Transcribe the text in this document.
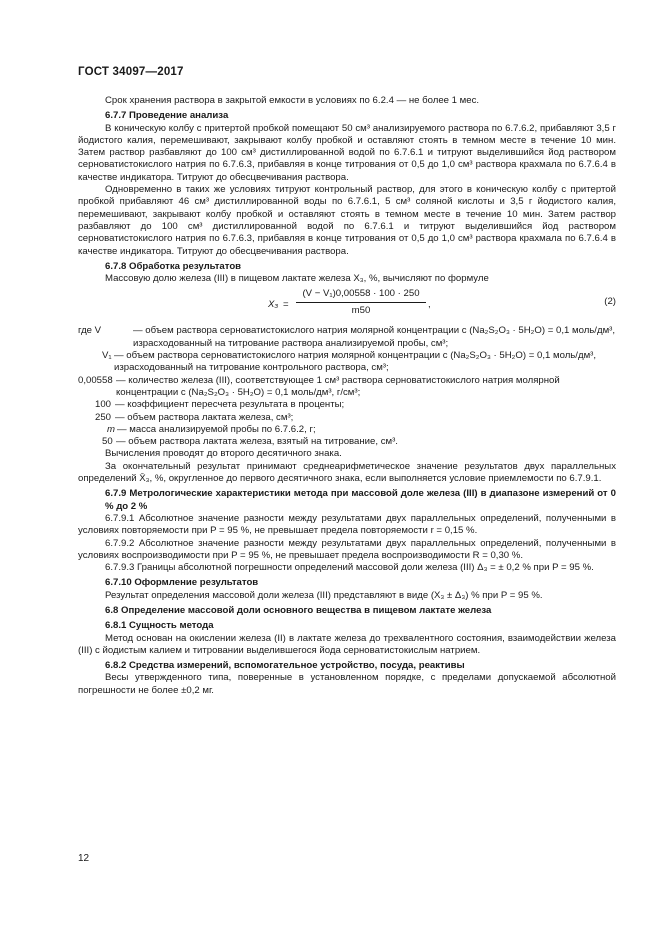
ГОСТ 34097—2017

Срок хранения раствора в закрытой емкости в условиях по 6.2.4 — не более 1 мес.

6.7.7 Проведение анализа

В коническую колбу с притертой пробкой помещают 50 см³ анализируемого раствора по 6.7.6.2, прибавляют 3,5 г йодистого калия, перемешивают, закрывают колбу пробкой и оставляют стоять в темном месте в течение 10 мин. Затем раствор разбавляют до 100 см³ дистиллированной водой по 6.7.6.1 и титруют выделившийся йод раствором серноватистокислого натрия по 6.7.6.3, прибавляя в конце титрования от 0,5 до 1,0 см³ раствора крахмала по 6.7.6.4 в качестве индикатора. Титруют до обесцвечивания раствора.

Одновременно в таких же условиях титруют контрольный раствор, для этого в коническую колбу с притертой пробкой прибавляют 46 см³ дистиллированной воды по 6.7.6.1, 5 см³ соляной кислоты и 3,5 г йодистого калия, перемешивают, закрывают колбу пробкой и оставляют стоять в темном месте в течение 10 мин. Затем раствор разбавляют до 100 см³ дистиллированной водой по 6.7.6.1 и титруют выделившийся йод раствором серноватистокислого натрия по 6.7.6.3, прибавляя в конце титрования от 0,5 до 1,0 см³ раствора крахмала по 6.7.6.4 в качестве индикатора. Титруют до обесцвечивания раствора.

6.7.8 Обработка результатов

Массовую долю железа (III) в пищевом лактате железа X₃, %, вычисляют по формуле

X₃ =
(V − V₁)0,00558 · 100 · 250
m50
,	(2)
где V	— объем раствора серноватистокислого натрия молярной концентрации c (Na₂S₂O₃ · 5H₂O) = 0,1 моль/дм³, израсходованный на титрование раствора анализируемой пробы, см³;
V₁ — объем раствора серноватистокислого натрия молярной концентрации c (Na₂S₂O₃ · 5H₂O) = 0,1 моль/дм³, израсходованный на титрование контрольного раствора, см³;
0,00558 — количество железа (III), соответствующее 1 см³ раствора серноватистокислого натрия молярной концентрации c (Na₂S₂O₃ · 5H₂O) = 0,1 моль/дм³, г/см³;
100 — коэффициент пересчета результата в проценты;
250 — объем раствора лактата железа, см³;
m — масса анализируемой пробы по 6.7.6.2, г;
50 — объем раствора лактата железа, взятый на титрование, см³.

Вычисления проводят до второго десятичного знака.

За окончательный результат принимают среднеарифметическое значение результатов двух параллельных определений X̄₃, %, округленное до первого десятичного знака, если выполняется условие приемлемости по 6.7.9.1.

6.7.9 Метрологические характеристики метода при массовой доле железа (III) в диапазоне измерений от 0 % до 2 %

6.7.9.1 Абсолютное значение разности между результатами двух параллельных определений, полученными в условиях повторяемости при P = 95 %, не превышает предела повторяемости r = 0,15 %.

6.7.9.2 Абсолютное значение разности между результатами двух параллельных определений, полученными в условиях воспроизводимости при P = 95 %, не превышает предела воспроизводимости R = 0,30 %.

6.7.9.3 Границы абсолютной погрешности определений массовой доли железа (III) Δ₃ = ± 0,2 % при P = 95 %.

6.7.10 Оформление результатов

Результат определения массовой доли железа (III) представляют в виде (X₃ ± Δ₃) % при P = 95 %.

6.8 Определение массовой доли основного вещества в пищевом лактате железа

6.8.1 Сущность метода

Метод основан на окислении железа (II) в лактате железа до трехвалентного состояния, взаимодействии железа (III) с йодистым калием и титровании выделившегося йода серноватистокислым натрием.

6.8.2 Средства измерений, вспомогательное устройство, посуда, реактивы

Весы утвержденного типа, поверенные в установленном порядке, с пределами допускаемой абсолютной погрешности не более ±0,2 мг.

12
